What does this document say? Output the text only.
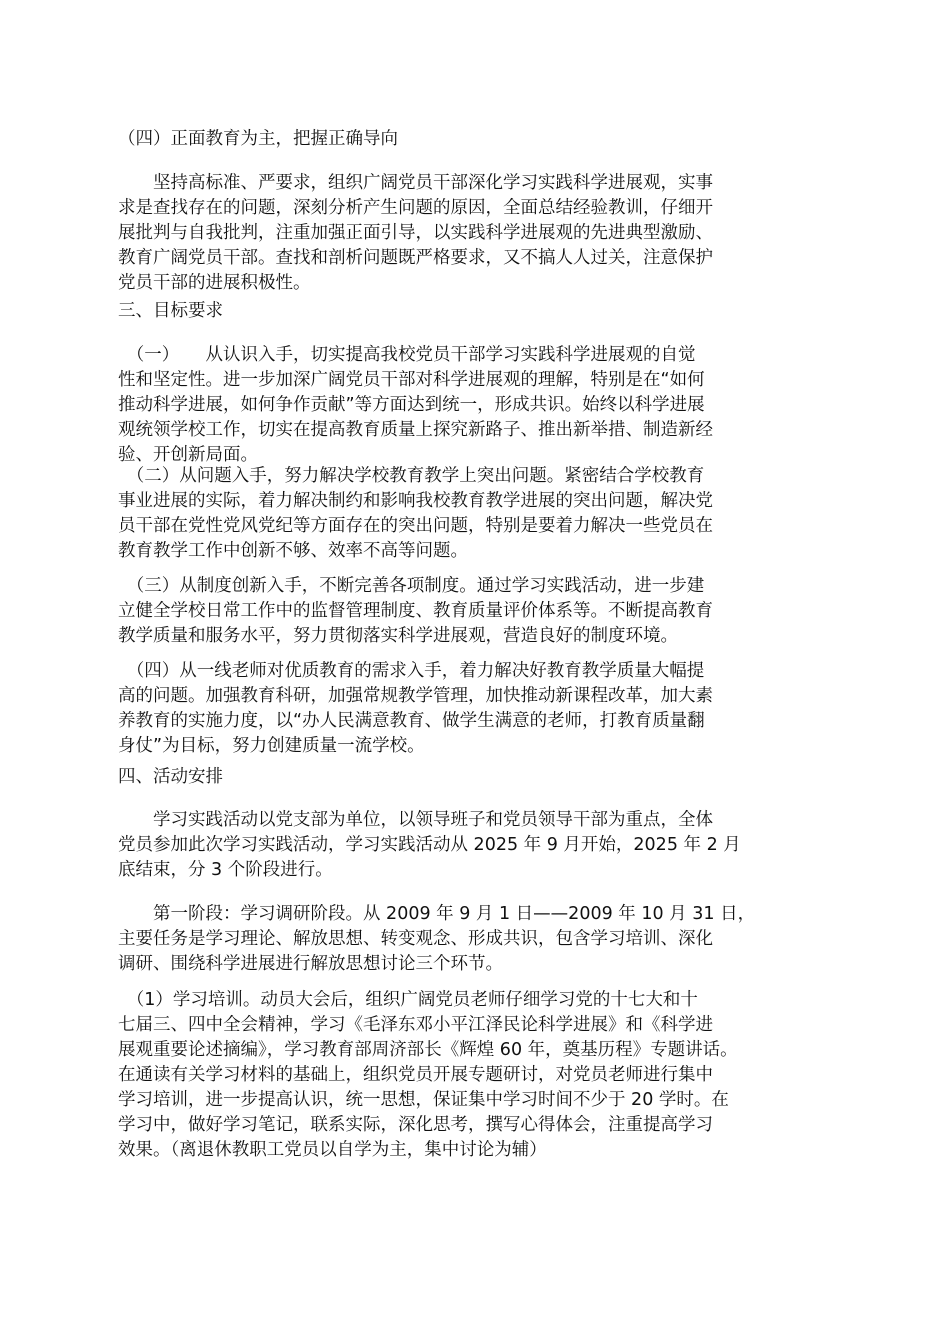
（四）正面教育为主，把握正确导向

　　坚持高标准、严要求，组织广阔党员干部深化学习实践科学进展观，实事
求是查找存在的问题，深刻分析产生问题的原因，全面总结经验教训，仔细开
展批判与自我批判，注重加强正面引导，以实践科学进展观的先进典型激励、
教育广阔党员干部。查找和剖析问题既严格要求，又不搞人人过关，注意保护
党员干部的进展积极性。

三、目标要求

　（一）　　从认识入手，切实提高我校党员干部学习实践科学进展观的自觉
性和坚定性。进一步加深广阔党员干部对科学进展观的理解，特别是在“如何
推动科学进展，如何争作贡献”等方面达到统一，形成共识。始终以科学进展
观统领学校工作，切实在提高教育质量上探究新路子、推出新举措、制造新经
验、开创新局面。
　（二）从问题入手，努力解决学校教育教学上突出问题。紧密结合学校教育
事业进展的实际，着力解决制约和影响我校教育教学进展的突出问题，解决党
员干部在党性党风党纪等方面存在的突出问题，特别是要着力解决一些党员在
教育教学工作中创新不够、效率不高等问题。
　（三）从制度创新入手，不断完善各项制度。通过学习实践活动，进一步建
立健全学校日常工作中的监督管理制度、教育质量评价体系等。不断提高教育
教学质量和服务水平，努力贯彻落实科学进展观，营造良好的制度环境。
　（四）从一线老师对优质教育的需求入手，着力解决好教育教学质量大幅提
高的问题。加强教育科研，加强常规教学管理，加快推动新课程改革，加大素
养教育的实施力度，以“办人民满意教育、做学生满意的老师，打教育质量翻
身仗”为目标，努力创建质量一流学校。

四、活动安排

　　学习实践活动以党支部为单位，以领导班子和党员领导干部为重点，全体
党员参加此次学习实践活动，学习实践活动从 2025 年 9 月开始，2025 年 2 月
底结束，分 3 个阶段进行。
　　第一阶段：学习调研阶段。从 2009 年 9 月 1 日——2009 年 10 月 31 日，
主要任务是学习理论、解放思想、转变观念、形成共识，包含学习培训、深化
调研、围绕科学进展进行解放思想讨论三个环节。
　（1）学习培训。动员大会后，组织广阔党员老师仔细学习党的十七大和十
七届三、四中全会精神，学习《毛泽东邓小平江泽民论科学进展》和《科学进
展观重要论述摘编》，学习教育部周济部长《辉煌 60 年，奠基历程》专题讲话。
在通读有关学习材料的基础上，组织党员开展专题研讨，对党员老师进行集中
学习培训，进一步提高认识，统一思想，保证集中学习时间不少于 20 学时。在
学习中，做好学习笔记，联系实际，深化思考，撰写心得体会，注重提高学习
效果。（离退休教职工党员以自学为主，集中讨论为辅）
